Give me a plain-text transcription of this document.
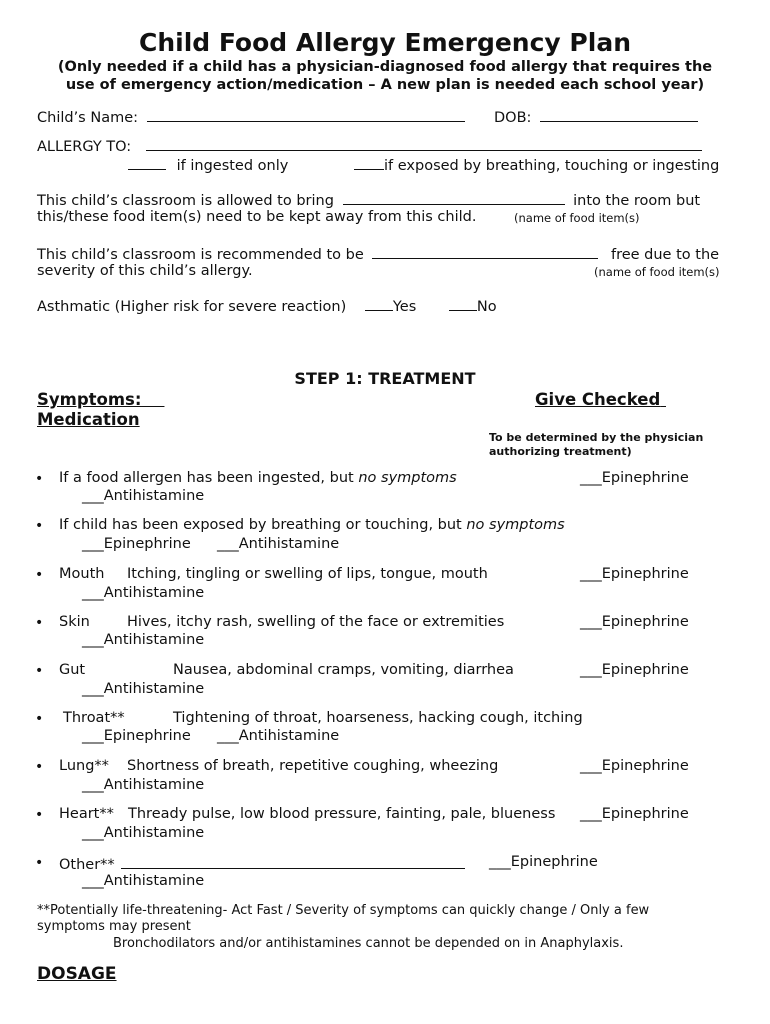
Child Food Allergy Emergency Plan
(Only needed if a child has a physician-diagnosed food allergy that requires the
use of emergency action/medication – A new plan is needed each school year)
Child’s Name:	DOB:
ALLERGY TO:
if ingested only	if exposed by breathing, touching or ingesting
This child’s classroom is allowed to bring	into the room but
this/these food item(s) need to be kept away from this child.	(name of food item(s)
This child’s classroom is recommended to be	free due to the
severity of this child’s allergy.	(name of food item(s)
Asthmatic (Higher risk for severe reaction)	Yes	No
STEP 1: TREATMENT
Symptoms:
Medication
Give Checked
To be determined by the physician
authorizing treatment)
• If a food allergen has been ingested, but no symptoms	___Epinephrine
___Antihistamine
• If child has been exposed by breathing or touching, but no symptoms
___Epinephrine ___Antihistamine
• Mouth Itching, tingling or swelling of lips, tongue, mouth	___Epinephrine
___Antihistamine
• Skin	Hives, itchy rash, swelling of the face or extremities	___Epinephrine
___Antihistamine
• Gut	Nausea, abdominal cramps, vomiting, diarrhea	___Epinephrine
___Antihistamine
• Throat**	Tightening of throat, hoarseness, hacking cough, itching
___Epinephrine ___Antihistamine
• Lung** Shortness of breath, repetitive coughing, wheezing	___Epinephrine
___Antihistamine
• Heart** Thready pulse, low blood pressure, fainting, pale, blueness ___Epinephrine
___Antihistamine
• Other**	___Epinephrine
___Antihistamine
**Potentially life-threatening- Act Fast / Severity of symptoms can quickly change / Only a few
symptoms may present
Bronchodilators and/or antihistamines cannot be depended on in Anaphylaxis.
DOSAGE
